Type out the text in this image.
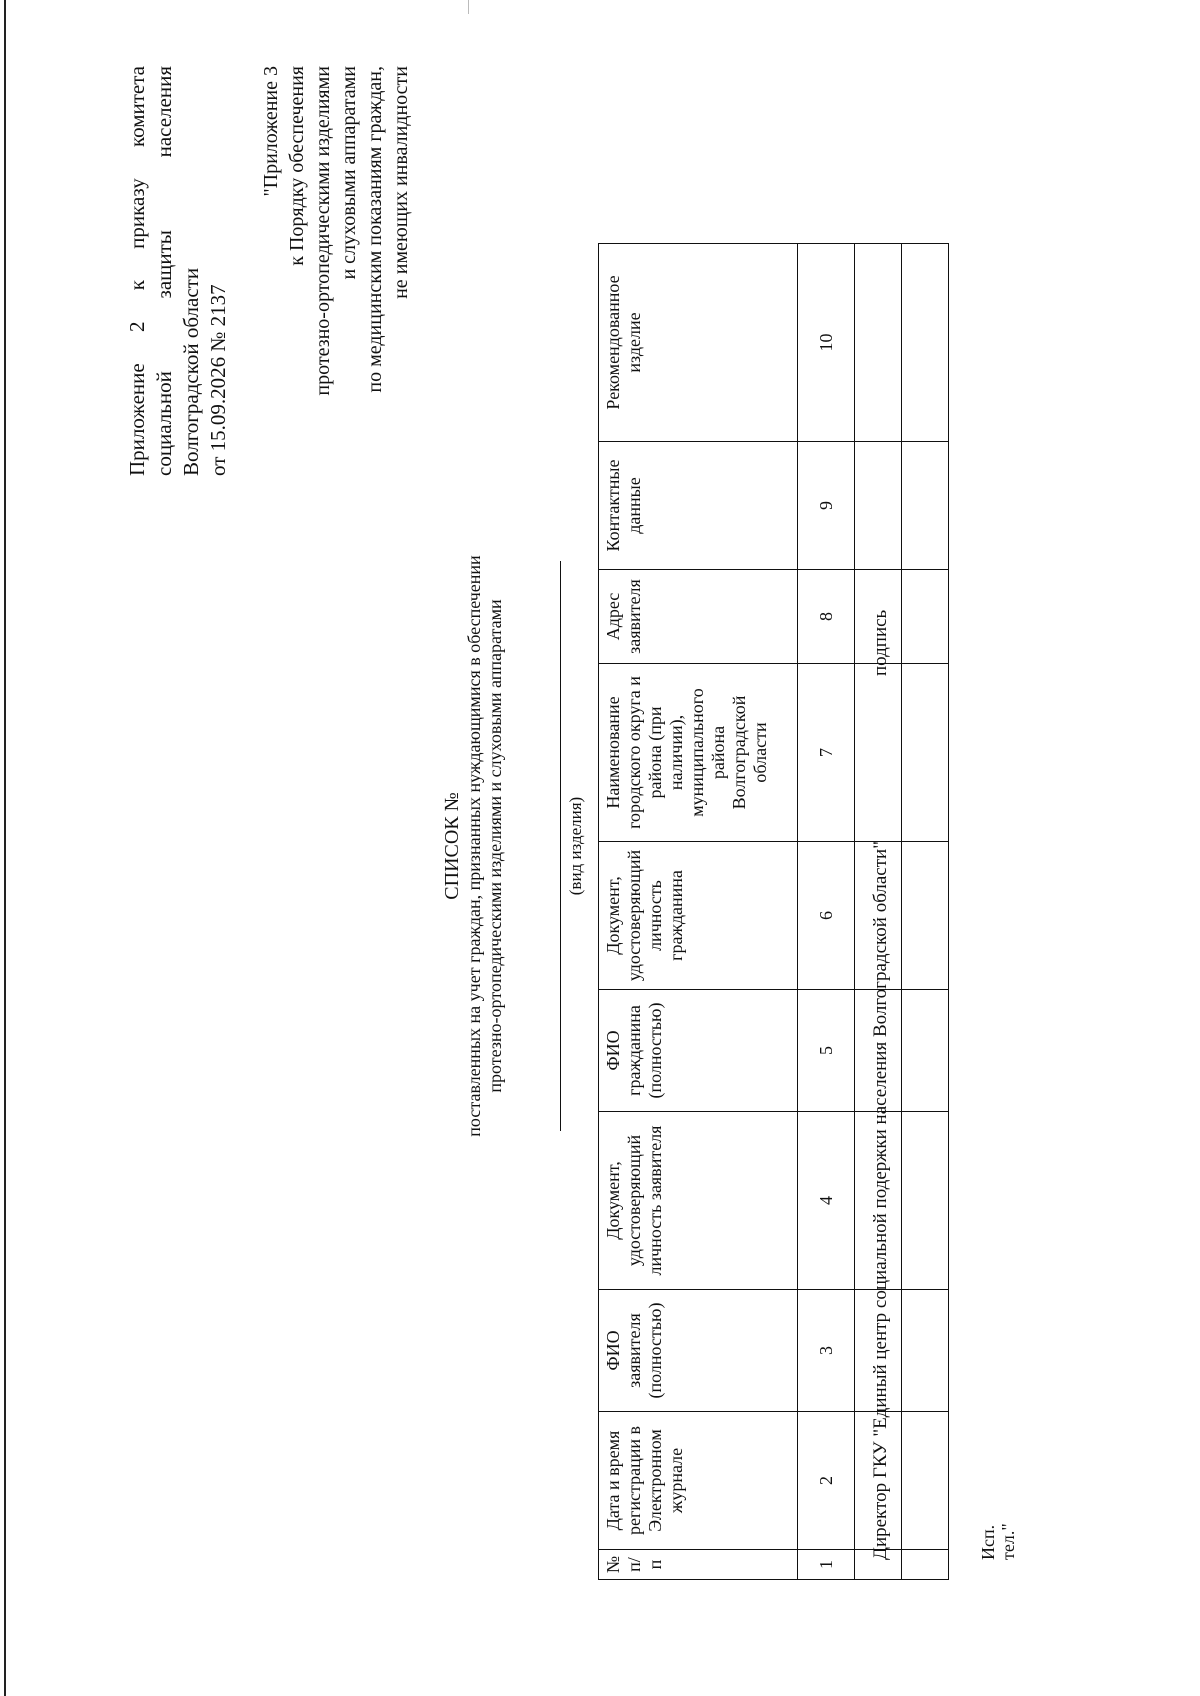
Приложение
2
к
приказу
комитета
социальной
защиты
населения
Волгоградской области от 15.09.2026 № 2137
"Приложение 3 к Порядку обеспечения протезно-ортопедическими изделиями и слуховыми аппаратами по медицинским показаниям граждан, не имеющих инвалидности
СПИСОК № поставленных на учет граждан, признанных нуждающимися в обеспечении протезно-ортопедическими изделиями и слуховыми аппаратами	(вид изделия)
№ п/п	Дата и время регистрации в Электронном журнале	ФИО заявителя (полностью)	Документ, удостоверяющий личность заявителя	ФИО гражданина (полностью)	Документ, удостоверяющий личность гражданина	Наименование городского округа и района (при наличии), муниципального района Волгоградской области	Адрес заявителя	Контактные данные	Рекомендованное изделие
1	2	3	4	5	6	7	8	9	10

Директор ГКУ "Единый центр социальной подержки населения Волгоградской области"
подпись
Исп. тел."
